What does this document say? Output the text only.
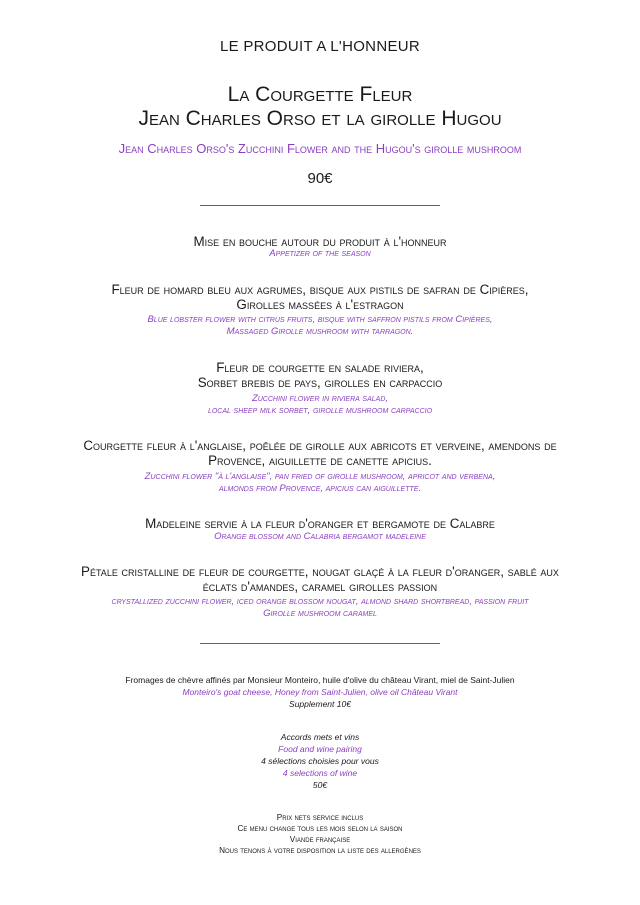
LE PRODUIT A L'HONNEUR
La Courgette Fleur
Jean Charles Orso et la girolle Hugou
Jean Charles Orso's Zucchini Flower and the Hugou's girolle mushroom
90€
Mise en bouche autour du produit à l'honneur
Appetizer of the season
Fleur de homard bleu aux agrumes, bisque aux pistils de safran de Cipières,
Girolles massées à l'estragon
Blue lobster flower with citrus fruits, bisque with saffron pistils from Cipières,
Massaged Girolle mushroom with tarragon.
Fleur de courgette en salade riviera,
Sorbet brebis de pays, girolles en carpaccio
Zucchini flower in riviera salad,
local sheep milk sorbet, girolle mushroom carpaccio
Courgette fleur à l'anglaise, poêlée de girolle aux abricots et verveine, amendons de
Provence, aiguillette de canette apicius.
Zucchini flower "à l'anglaise", pan fried of girolle mushroom, apricot and verbena,
almonds from Provence, apicius can aiguillette.
Madeleine servie à la fleur d'oranger et bergamote de Calabre
Orange blossom and Calabria bergamot madeleine
Pétale cristalline de fleur de courgette, nougat glaçé à la fleur d'oranger, sablé aux
éclats d'amandes, caramel girolles passion
crystallized zucchini flower, iced orange blossom nougat, almond shard shortbread, passion fruit
Girolle mushroom caramel
Fromages de chèvre affinés par Monsieur Monteiro, huile d'olive du château Virant, miel de Saint-Julien
Monteiro's goat cheese, Honey from Saint-Julien, olive oil Château Virant
Supplement 10€
Accords mets et vins
Food and wine pairing
4 sélections choisies pour vous
4 selections of wine
50€
Prix nets service inclus
Ce menu change tous les mois selon la saison
Viande française
Nous tenons à votre disposition la liste des allergènes
